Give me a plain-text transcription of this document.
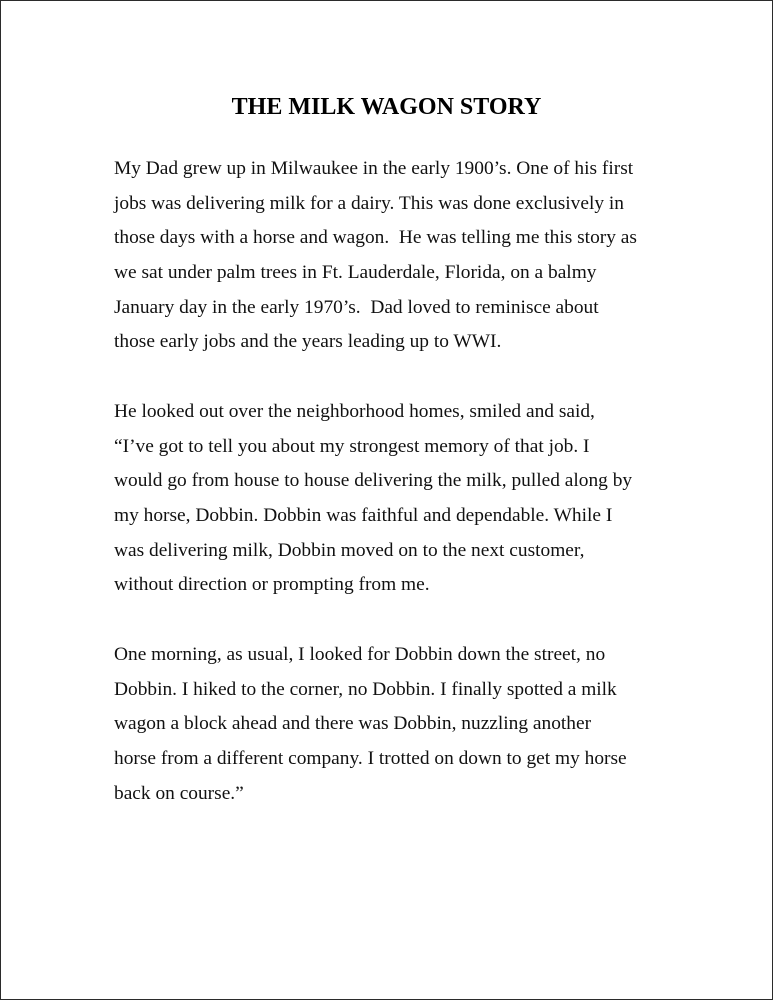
THE MILK WAGON STORY

My Dad grew up in Milwaukee in the early 1900’s. One of his first
jobs was delivering milk for a dairy. This was done exclusively in
those days with a horse and wagon.  He was telling me this story as
we sat under palm trees in Ft. Lauderdale, Florida, on a balmy
January day in the early 1970’s.  Dad loved to reminisce about
those early jobs and the years leading up to WWI.

He looked out over the neighborhood homes, smiled and said,
“I’ve got to tell you about my strongest memory of that job. I
would go from house to house delivering the milk, pulled along by
my horse, Dobbin. Dobbin was faithful and dependable. While I
was delivering milk, Dobbin moved on to the next customer,
without direction or prompting from me.

One morning, as usual, I looked for Dobbin down the street, no
Dobbin. I hiked to the corner, no Dobbin. I finally spotted a milk
wagon a block ahead and there was Dobbin, nuzzling another
horse from a different company. I trotted on down to get my horse
back on course.”
